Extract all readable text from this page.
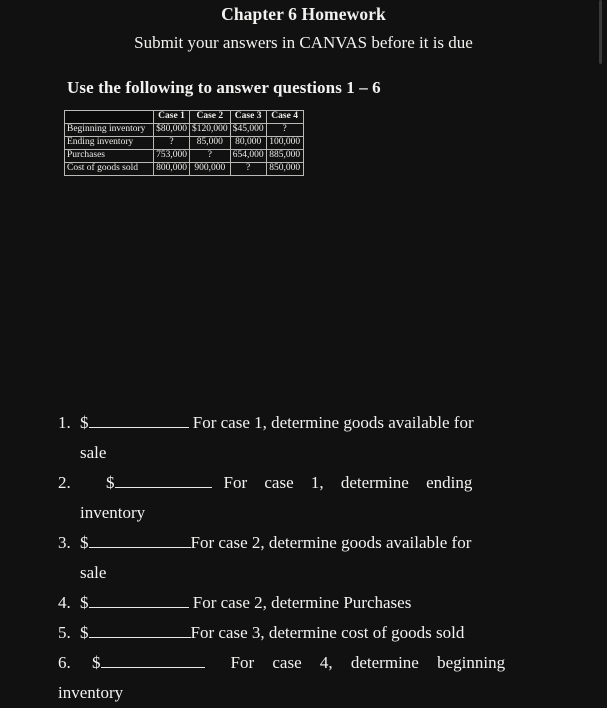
Chapter 6 Homework
Submit your answers in CANVAS before it is due
Use the following to answer questions 1 – 6
	Case 1	Case 2	Case 3	Case 4
Beginning inventory	$80,000	$120,000	$45,000	?
Ending inventory	?	85,000	80,000	100,000
Purchases	753,000	?	654,000	885,000
Cost of goods sold	800,000	900,000	?	850,000
1. $	For case 1, determine goods available for
sale
2.	$	For case 1, determine ending
inventory
3. $	For case 2, determine goods available for
sale
4. $	For case 2, determine Purchases
5. $	For case 3, determine cost of goods sold
6.	$	For case 4, determine beginning
inventory
